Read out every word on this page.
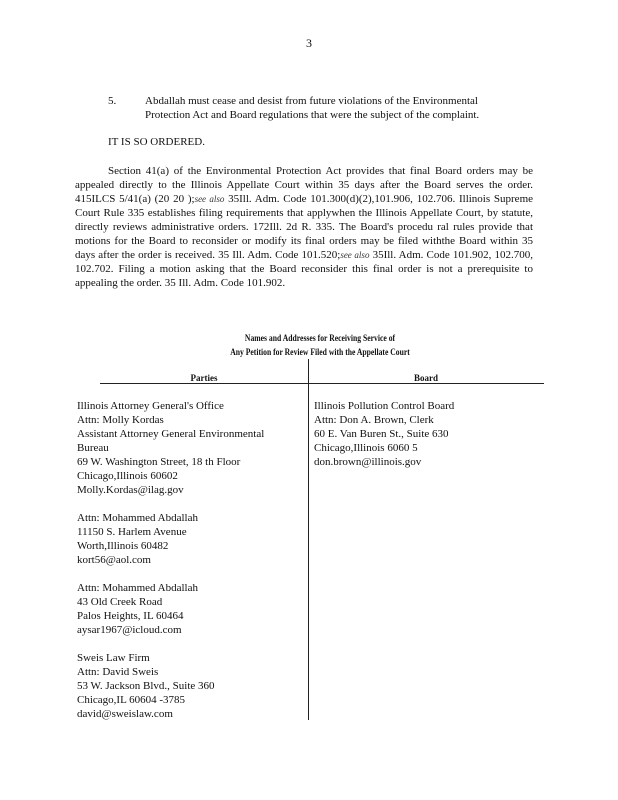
3
5.	Abdallah must cease and desist from future violations of the Environmental Protection Act and Board regulations that were the subject of the complaint.
IT IS SO ORDERED.

Section 41(a) of the Environmental Protection Act provides that final Board orders may be appealed directly to the Illinois Appellate Court within 35 days after the Board serves the order. 415ILCS 5/41(a) (20 20 );see also 35Ill. Adm. Code 101.300(d)(2),101.906, 102.706. Illinois Supreme Court Rule 335 establishes filing requirements that applywhen the Illinois Appellate Court, by statute, directly reviews administrative orders. 172Ill. 2d R. 335. The Board's procedu ral rules provide that motions for the Board to reconsider or modify its final orders may be filed withthe Board within 35 days after the order is received. 35 Ill. Adm. Code 101.520;see also 35Ill. Adm. Code 101.902, 102.700, 102.702. Filing a motion asking that the Board reconsider this final order is not a prerequisite to appealing the order. 35 Ill. Adm. Code 101.902.

Names and Addresses for Receiving Service of
Any Petition for Review Filed with the Appellate Court
Parties	Board
Illinois Attorney General's Office
Attn: Molly Kordas
Assistant Attorney General Environmental
Bureau
69 W. Washington Street, 18 th Floor
Chicago,Illinois 60602
Molly.Kordas@ilag.gov
Attn: Mohammed Abdallah
11150 S. Harlem Avenue
Worth,Illinois 60482
kort56@aol.com
Attn: Mohammed Abdallah
43 Old Creek Road
Palos Heights, IL 60464
aysar1967@icloud.com
Sweis Law Firm
Attn: David Sweis
53 W. Jackson Blvd., Suite 360
Chicago,IL 60604 -3785
david@sweislaw.com
Illinois Pollution Control Board
Attn: Don A. Brown, Clerk
60 E. Van Buren St., Suite 630
Chicago,Illinois 6060 5
don.brown@illinois.gov
